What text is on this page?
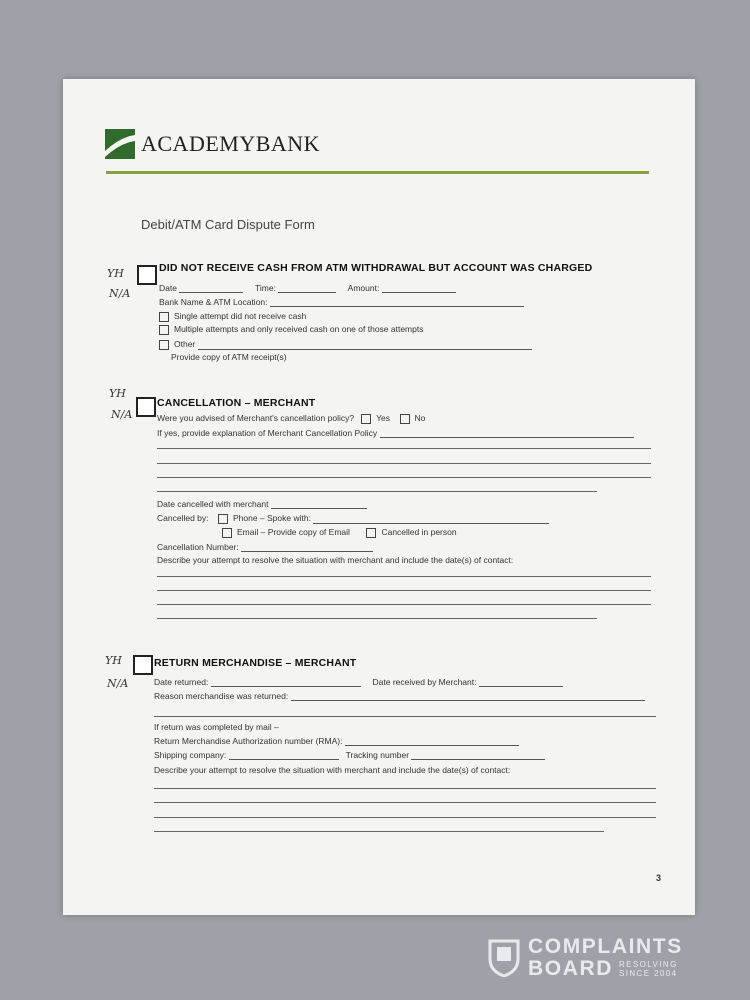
ACADEMYBANK
Debit/ATM Card Dispute Form
YH
N/A
DID NOT RECEIVE CASH FROM ATM WITHDRAWAL BUT ACCOUNT WAS CHARGED
Date	Time:	Amount:
Bank Name & ATM Location:
Single attempt did not receive cash
Multiple attempts and only received cash on one of those attempts
Other
Provide copy of ATM receipt(s)
YH
N/A
CANCELLATION – MERCHANT
Were you advised of Merchant's cancellation policy?	Yes	No
If yes, provide explanation of Merchant Cancellation Policy
Date cancelled with merchant
Cancelled by:	Phone – Spoke with:
Email – Provide copy of Email	Cancelled in person
Cancellation Number:
Describe your attempt to resolve the situation with merchant and include the date(s) of contact:
YH
N/A
RETURN MERCHANDISE – MERCHANT
Date returned:	Date received by Merchant:
Reason merchandise was returned:
If return was completed by mail –
Return Merchandise Authorization number (RMA):
Shipping company:	Tracking number
Describe your attempt to resolve the situation with merchant and include the date(s) of contact:
3
COMPLAINTS
BOARD RESOLVING
SINCE 2004
